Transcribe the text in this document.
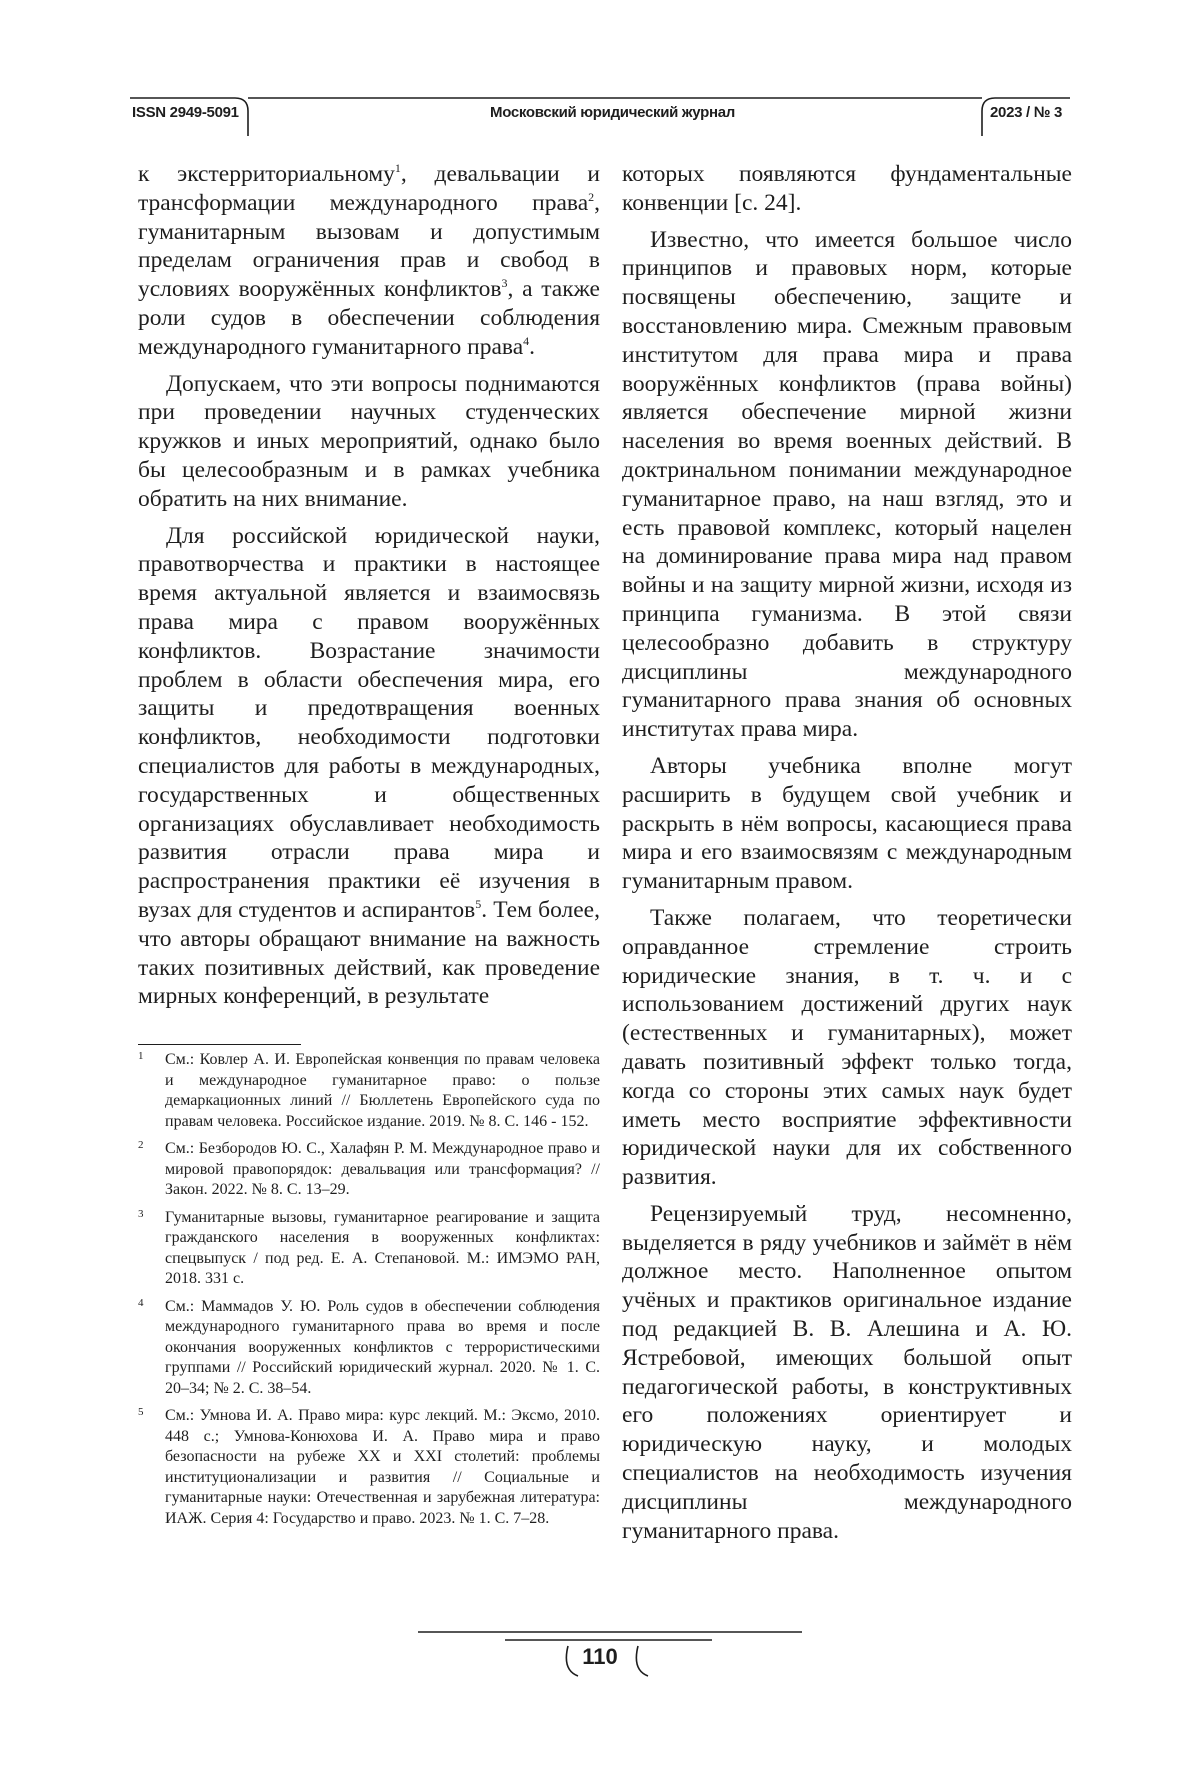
ISSN 2949-5091	Московский юридический журнал	2023 / № 3

к экстерриториальному$^1$, девальвации и трансформации международного права$^2$, гуманитарным вызовам и допустимым пределам ограничения прав и свобод в условиях вооружённых конфликтов$^3$, а также роли судов в обеспечении соблюдения международного гуманитарного права$^4$.

Допускаем, что эти вопросы поднимаются при проведении научных студенческих кружков и иных мероприятий, однако было бы целесообразным и в рамках учебника обратить на них внимание.

Для российской юридической науки, правотворчества и практики в настоящее время актуальной является и взаимосвязь права мира с правом вооружённых конфликтов. Возрастание значимости проблем в области обеспечения мира, его защиты и предотвращения военных конфликтов, необходимости подготовки специалистов для работы в международных, государственных и общественных организациях обуславливает необходимость развития отрасли права мира и распространения практики её изучения в вузах для студентов и аспирантов$^5$. Тем более, что авторы обращают внимание на важность таких позитивных действий, как проведение мирных конференций, в результате

которых появляются фундаментальные конвенции [с. 24].

Известно, что имеется большое число принципов и правовых норм, которые посвящены обеспечению, защите и восстановлению мира. Смежным правовым институтом для права мира и права вооружённых конфликтов (права войны) является обеспечение мирной жизни населения во время военных действий. В доктринальном понимании международное гуманитарное право, на наш взгляд, это и есть правовой комплекс, который нацелен на доминирование права мира над правом войны и на защиту мирной жизни, исходя из принципа гуманизма. В этой связи целесообразно добавить в структуру дисциплины международного гуманитарного права знания об основных институтах права мира.

Авторы учебника вполне могут расширить в будущем свой учебник и раскрыть в нём вопросы, касающиеся права мира и его взаимосвязям с международным гуманитарным правом.

Также полагаем, что теоретически оправданное стремление строить юридические знания, в т. ч. и с использованием достижений других наук (естественных и гуманитарных), может давать позитивный эффект только тогда, когда со стороны этих самых наук будет иметь место восприятие эффективности юридической науки для их собственного развития.

Рецензируемый труд, несомненно, выделяется в ряду учебников и займёт в нём должное место. Наполненное опытом учёных и практиков оригинальное издание под редакцией В. В. Алешина и А. Ю. Ястребовой, имеющих большой опыт педагогической работы, в конструктивных его положениях ориентирует и юридическую науку, и молодых специалистов на необходимость изучения дисциплины международного гуманитарного права.

1 См.: Ковлер А. И. Европейская конвенция по правам человека и международное гуманитарное право: о пользе демаркационных линий // Бюллетень Европейского суда по правам человека. Российское издание. 2019. № 8. С. 146 - 152.
2 См.: Безбородов Ю. С., Халафян Р. М. Международное право и мировой правопорядок: девальвация или трансформация? // Закон. 2022. № 8. С. 13–29.
3 Гуманитарные вызовы, гуманитарное реагирование и защита гражданского населения в вооруженных конфликтах: спецвыпуск / под ред. Е. А. Степановой. М.: ИМЭМО РАН, 2018. 331 с.
4 См.: Маммадов У. Ю. Роль судов в обеспечении соблюдения международного гуманитарного права во время и после окончания вооруженных конфликтов с террористическими группами // Российский юридический журнал. 2020. № 1. С. 20–34; № 2. С. 38–54.
5 См.: Умнова И. А. Право мира: курс лекций. М.: Эксмо, 2010. 448 с.; Умнова-Конюхова И. А. Право мира и право безопасности на рубеже XX и XXI столетий: проблемы институционализации и развития // Социальные и гуманитарные науки: Отечественная и зарубежная литература: ИАЖ. Серия 4: Государство и право. 2023. № 1. С. 7–28.
110
